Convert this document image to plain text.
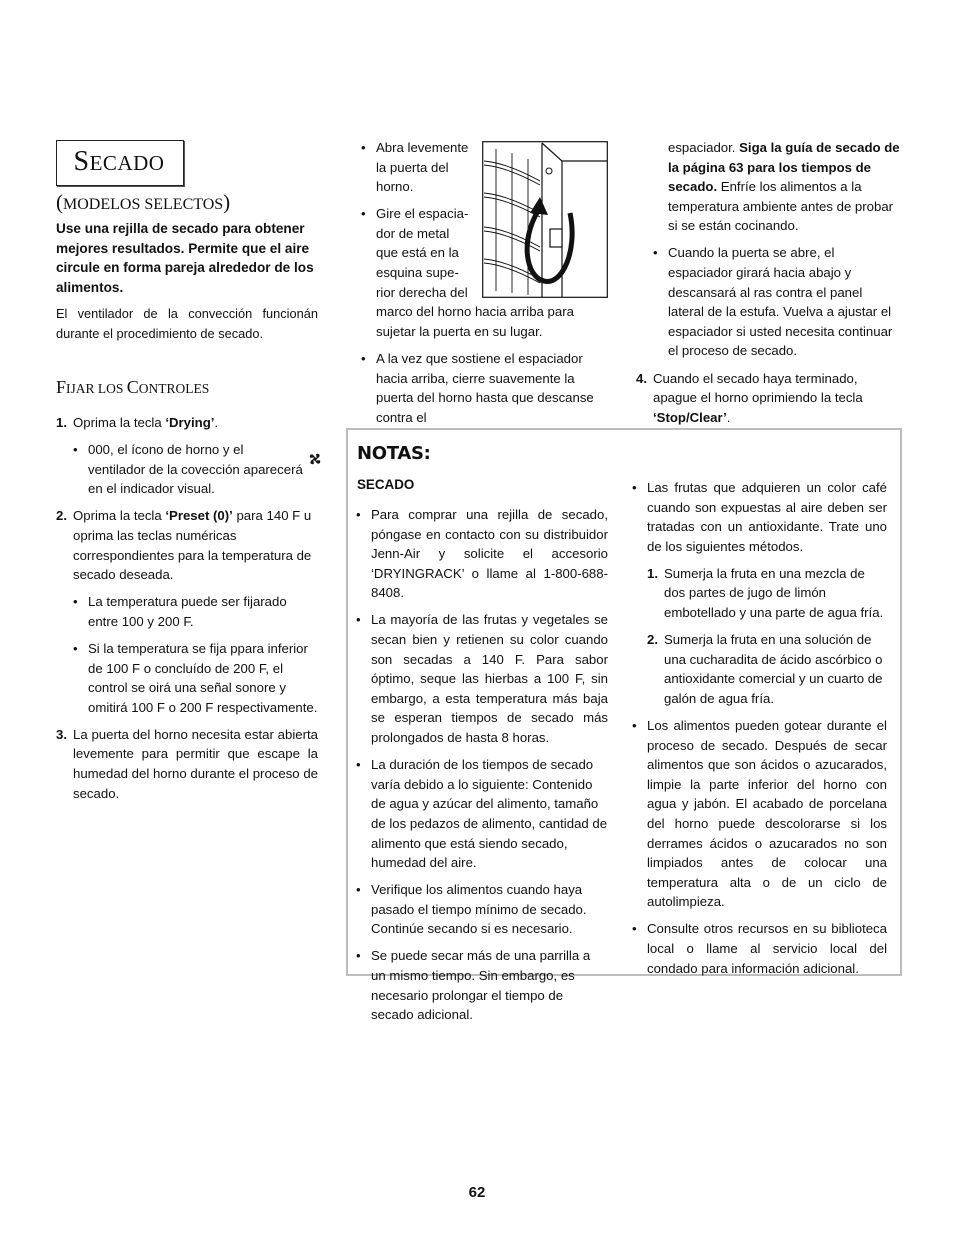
SECADO
(MODELOS SELECTOS)
Use una rejilla de secado para obtener mejores resultados. Permite que el aire circule en forma pareja alrededor de los alimentos.
El ventilador de la convección funcionán durante el procedimiento de secado.
FIJAR LOS CONTROLES
1. Oprima la tecla ‘Drying’.
• 000, el ícono de horno y el ventilador de la covección aparecerá en el indicador visual.
2. Oprima la tecla ‘Preset (0)’ para 140 F u oprima las teclas numéricas correspondientes para la temperatura de secado deseada.
• La temperatura puede ser fijarado entre 100 y 200 F.
• Si la temperatura se fija ppara inferior de 100 F o concluído de 200 F, el control se oirá una señal sonore y omitirá 100 F o 200 F respectivamente.
3. La puerta del horno necesita estar abierta levemente para permitir que escape la humedad del horno durante el proceso de secado.
• Abra levemente la puerta del horno.
• Gire el espacia-dor de metal que está en la esquina supe-rior derecha del
marco del horno hacia arriba para sujetar la puerta en su lugar.
• A la vez que sostiene el espaciador hacia arriba, cierre suavemente la puerta del horno hasta que descanse contra el
espaciador. Siga la guía de secado de la página 63 para los tiempos de secado. Enfríe los alimentos a la temperatura ambiente antes de probar si se están cocinando.
• Cuando la puerta se abre, el espaciador girará hacia abajo y descansará al ras contra el panel lateral de la estufa. Vuelva a ajustar el espaciador si usted necesita continuar el proceso de secado.
4. Cuando el secado haya terminado, apague el horno oprimiendo la tecla ‘Stop/Clear’.
NOTAS:
SECADO
• Para comprar una rejilla de secado, póngase en contacto con su distribuidor Jenn-Air y solicite el accesorio ‘DRYINGRACK’ o llame al 1-800-688-8408.
• La mayoría de las frutas y vegetales se secan bien y retienen su color cuando son secadas a 140 F. Para sabor óptimo, seque las hierbas a 100 F, sin embargo, a esta temperatura más baja se esperan tiempos de secado más prolongados de hasta 8 horas.
• La duración de los tiempos de secado varía debido a lo siguiente: Contenido de agua y azúcar del alimento, tamaño de los pedazos de alimento, cantidad de alimento que está siendo secado, humedad del aire.
• Verifique los alimentos cuando haya pasado el tiempo mínimo de secado. Continúe secando si es necesario.
• Se puede secar más de una parrilla a un mismo tiempo. Sin embargo, es necesario prolongar el tiempo de secado adicional.
• Las frutas que adquieren un color café cuando son expuestas al aire deben ser tratadas con un antioxidante. Trate uno de los siguientes métodos.
1. Sumerja la fruta en una mezcla de dos partes de jugo de limón embotellado y una parte de agua fría.
2. Sumerja la fruta en una solución de una cucharadita de ácido ascórbico o antioxidante comercial y un cuarto de galón de agua fría.
• Los alimentos pueden gotear durante el proceso de secado. Después de secar alimentos que son ácidos o azucarados, limpie la parte inferior del horno con agua y jabón. El acabado de porcelana del horno puede descolorarse si los derrames ácidos o azucarados no son limpiados antes de colocar una temperatura alta o de un ciclo de autolimpieza.
• Consulte otros recursos en su biblioteca local o llame al servicio local del condado para información adicional.
62
